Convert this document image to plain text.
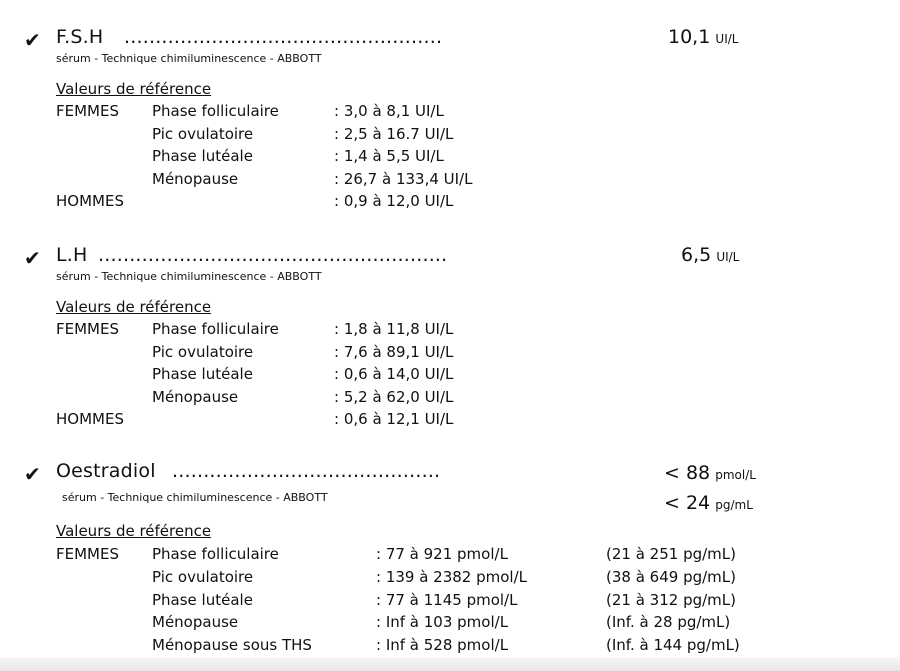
✔ F.S.H ...................................................
sérum - Technique chimiluminescence - ABBOTT
10,1 UI/L
Valeurs de référence
FEMMES Phase folliculaire	: 3,0 à 8,1 UI/L
Pic ovulatoire	: 2,5 à 16.7 UI/L
Phase lutéale	: 1,4 à 5,5 UI/L
Ménopause	: 26,7 à 133,4 UI/L
HOMMES	: 0,9 à 12,0 UI/L
✔ L.H ........................................................
sérum - Technique chimiluminescence - ABBOTT
6,5 UI/L
Valeurs de référence
FEMMES Phase folliculaire	: 1,8 à 11,8 UI/L
Pic ovulatoire	: 7,6 à 89,1 UI/L
Phase lutéale	: 0,6 à 14,0 UI/L
Ménopause	: 5,2 à 62,0 UI/L
HOMMES	: 0,6 à 12,1 UI/L
✔ Oestradiol ...........................................
sérum - Technique chimiluminescence - ABBOTT
< 88 pmol/L
< 24 pg/mL
Valeurs de référence
FEMMES Phase folliculaire	: 77 à 921 pmol/L	(21 à 251 pg/mL)
Pic ovulatoire	: 139 à 2382 pmol/L	(38 à 649 pg/mL)
Phase lutéale	: 77 à 1145 pmol/L	(21 à 312 pg/mL)
Ménopause	: Inf à 103 pmol/L	(Inf. à 28 pg/mL)
Ménopause sous THS	: Inf à 528 pmol/L	(Inf. à 144 pg/mL)
